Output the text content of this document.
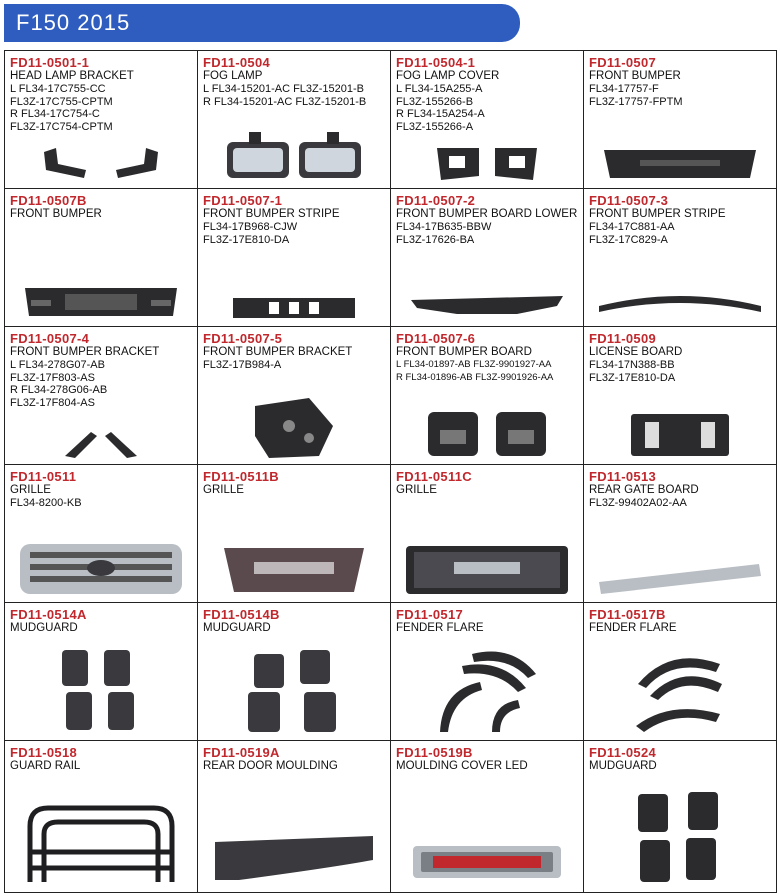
F150 2015
FD11-0501-1
HEAD LAMP BRACKET
L FL34-17C755-CC
FL3Z-17C755-CPTM
R FL34-17C754-C
FL3Z-17C754-CPTM
FD11-0504
FOG LAMP
L FL34-15201-AC FL3Z-15201-B
R FL34-15201-AC FL3Z-15201-B
FD11-0504-1
FOG LAMP COVER
L FL34-15A255-A
FL3Z-155266-B
R FL34-15A254-A
FL3Z-155266-A
FD11-0507
FRONT BUMPER
FL34-17757-F
FL3Z-17757-FPTM
FD11-0507B
FRONT BUMPER
FD11-0507-1
FRONT BUMPER STRIPE
FL34-17B968-CJW
FL3Z-17E810-DA
FD11-0507-2
FRONT BUMPER BOARD LOWER
FL34-17B635-BBW
FL3Z-17626-BA
FD11-0507-3
FRONT BUMPER STRIPE
FL34-17C881-AA
FL3Z-17C829-A
FD11-0507-4
FRONT BUMPER BRACKET
L FL34-278G07-AB
FL3Z-17F803-AS
R FL34-278G06-AB
FL3Z-17F804-AS
FD11-0507-5
FRONT BUMPER BRACKET
FL3Z-17B984-A
FD11-0507-6
FRONT BUMPER BOARD
L FL34-01897-AB FL3Z-9901927-AA
R FL34-01896-AB FL3Z-9901926-AA
FD11-0509
LICENSE BOARD
FL34-17N388-BB
FL3Z-17E810-DA
FD11-0511
GRILLE
FL34-8200-KB
FD11-0511B
GRILLE
FD11-0511C
GRILLE
FD11-0513
REAR GATE BOARD
FL3Z-99402A02-AA
FD11-0514A
MUDGUARD
FD11-0514B
MUDGUARD
FD11-0517
FENDER FLARE
FD11-0517B
FENDER FLARE
FD11-0518
GUARD RAIL
FD11-0519A
REAR DOOR MOULDING
FD11-0519B
MOULDING COVER LED
FD11-0524
MUDGUARD
